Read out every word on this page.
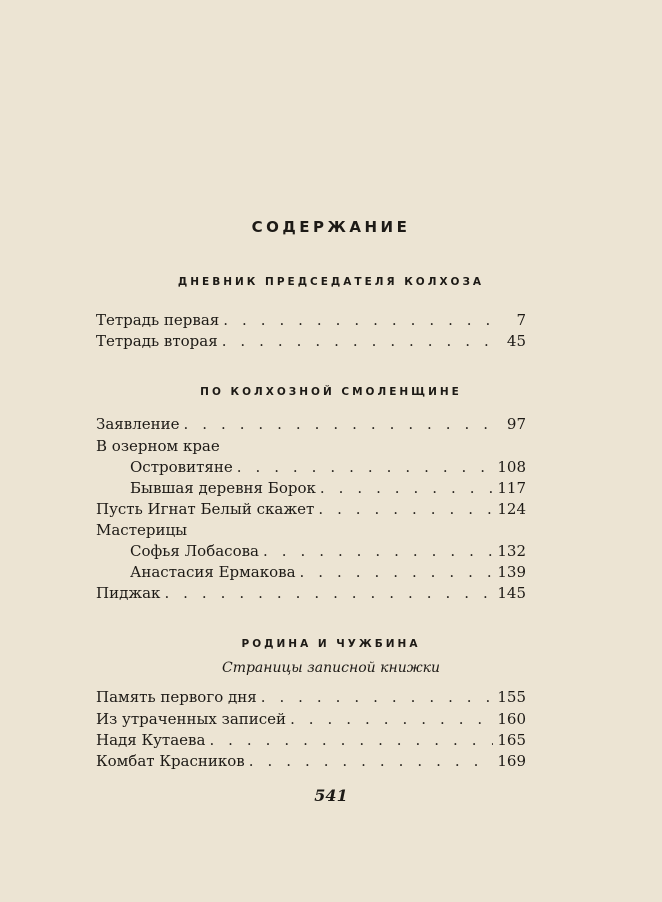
СОДЕРЖАНИЕ
ДНЕВНИК ПРЕДСЕДАТЕЛЯ КОЛХОЗА
Тетрадь первая . . .	7
Тетрадь вторая . . .	45
ПО КОЛХОЗНОЙ СМОЛЕНЩИНЕ
Заявление . . .	97
В озерном крае
Островитяне . . .	108
Бывшая деревня Борок . . .	117
Пусть Игнат Белый скажет . . .	124
Мастерицы
Софья Лобасова . . .	132
Анастасия Ермакова . . .	139
Пиджак . . .	145
РОДИНА И ЧУЖБИНА
Страницы записной книжки
Память первого дня . . .	155
Из утраченных записей . . .	160
Надя Кутаева . . .	165
Комбат Красников . . .	169
541
